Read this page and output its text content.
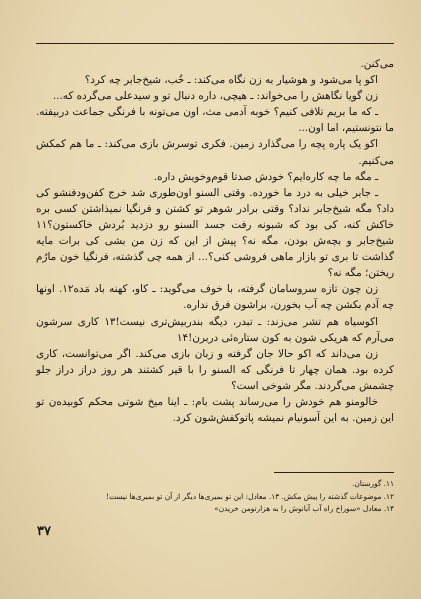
می‌کنن.

اکو پا می‌شود و هوشیار به زن نگاه می‌کند: ـ خُب، شیخ‌جابر چه کرد؟

زن گویا نگاهش را می‌خواند: ـ هیچی، داره دنبال تو و سیدعلی می‌گرده که...

ـ که ما بریم تلافی کنیم؟ خوبه آدمی مث، اون می‌تونه با فرنگی جماعت دربیفته. ما نتونستیم، اما اون...

اکو یک پاره پچه را می‌گذارد زمین. فکری توسرش بازی می‌کند: ـ ما هم کمکش می‌کنیم.

ـ مگه ما چه کاره‌ایم؟ خودش صدتا قوم‌وخویش داره.

ـ جابر خیلی به درد ما خورده. وقتی السنو اون‌طوری شد خرج کفن‌ودفنشو کی داد؟ مگه شیخ‌جابر نداد؟ وقتی برادر شوهر تو کشتن و فرنگیا نمیذاشتن کسی بره خاکش کنه، کی بود که شبونه رفت جسد السنو رو دزدید بُردش خاکستون؟۱۱ شیخ‌جابر و بچه‌ش بودن، مگه نه؟ پیش از این که زن من بشی کی برات مایه گذاشت تا بری تو بازار ماهی فروشی کنی؟... از همه چی گذشته، فرنگیا خون مارُم ریختن؛ مگه نه؟

زن چون تازه سروسامان گرفته، با خوف می‌گوید: ـ کاو، کهنه باد مَده۱۲. اونها چه آدم بکشن چه آب بخورن، براشون فرق نداره.

اکوسیاه هم تشر می‌زند: ـ تبدر، دیگه بندربیش‌تری نیست!۱۳ کاری سرشون می‌آرم که هریکی شون به کون ستاره‌ئی دربرن!۱۴

زن می‌داند که اکو حالا جان گرفته و زبان بازی می‌کند. اگر می‌توانست، کاری کرده بود. همان چهار تا فرنگی که السنو را با قیر کشتند هر روز دراز دراز جلو چشمش می‌گردند. مگر شوخی است؟

خالومنو هم خودش را می‌رساند پشت بام: ـ اینا میخ شوتی محکم کوبیده‌ن تو این زمین. به این آسونیام نمیشه پاتوکفش‌شون کرد.

۱۱. گورستان.

۱۲. موضوعات گذشته را پیش مکش. ۱۳. معادل: این تو بمیری‌ها دیگر از آن تو بمیری‌ها نیست!

۱۴. معادل «سوراخ راه آب آبانوش را به هزارتومن خریدن»

۳۷
